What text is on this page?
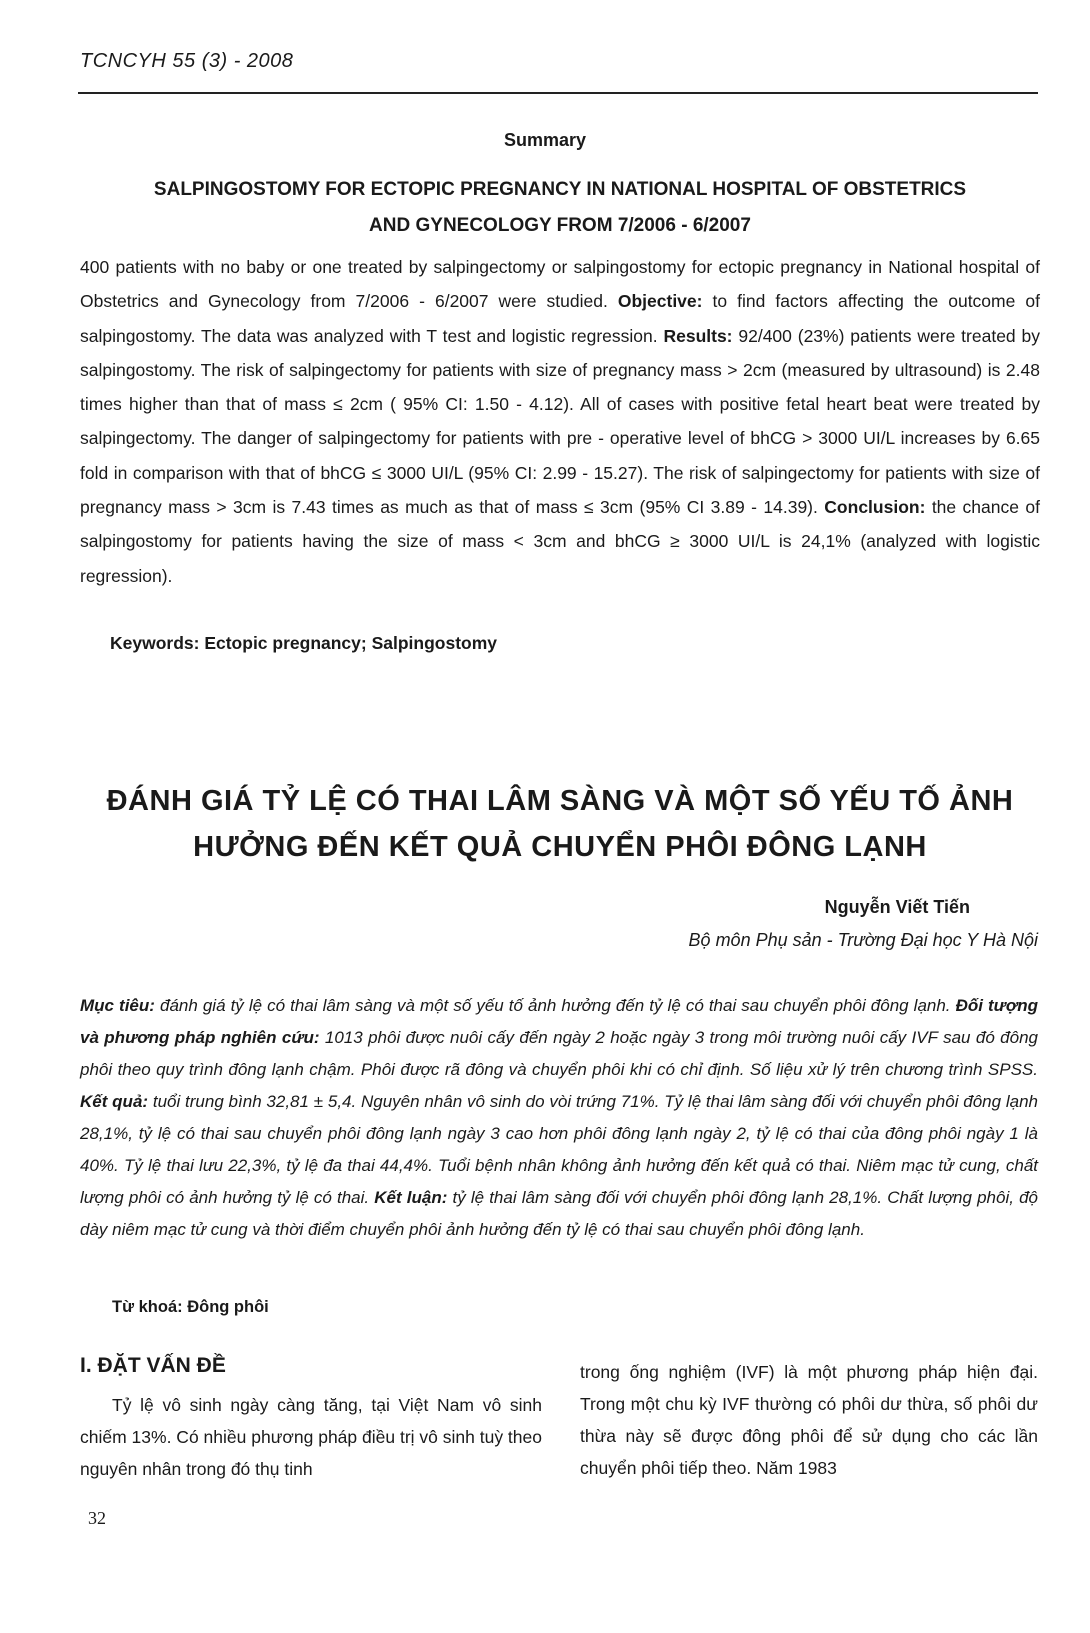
TCNCYH 55 (3) - 2008
Summary
SALPINGOSTOMY FOR ECTOPIC PREGNANCY IN NATIONAL HOSPITAL OF OBSTETRICS
AND GYNECOLOGY FROM 7/2006 - 6/2007
400 patients with no baby or one treated by salpingectomy or salpingostomy for ectopic pregnancy in National hospital of Obstetrics and Gynecology from 7/2006 - 6/2007 were studied. Objective: to find factors affecting the outcome of salpingostomy. The data was analyzed with T test and logistic regression. Results: 92/400 (23%) patients were treated by salpingostomy. The risk of salpingectomy for patients with size of pregnancy mass > 2cm (measured by ultrasound) is 2.48 times higher than that of mass ≤ 2cm ( 95% CI: 1.50 - 4.12). All of cases with positive fetal heart beat were treated by salpingectomy. The danger of salpingectomy for patients with pre - operative level of bhCG > 3000 UI/L increases by 6.65 fold in comparison with that of bhCG ≤ 3000 UI/L (95% CI: 2.99 - 15.27). The risk of salpingectomy for patients with size of pregnancy mass > 3cm is 7.43 times as much as that of mass ≤ 3cm (95% CI 3.89 - 14.39). Conclusion: the chance of salpingostomy for patients having the size of mass < 3cm and bhCG ≥ 3000 UI/L is 24,1% (analyzed with logistic regression).
Keywords: Ectopic pregnancy; Salpingostomy
ĐÁNH GIÁ TỶ LỆ CÓ THAI LÂM SÀNG VÀ MỘT SỐ YẾU TỐ ẢNH
HƯỞNG ĐẾN KẾT QUẢ CHUYỂN PHÔI ĐÔNG LẠNH
Nguyễn Viết Tiến
Bộ môn Phụ sản - Trường Đại học Y Hà Nội
Mục tiêu: đánh giá tỷ lệ có thai lâm sàng và một số yếu tố ảnh hưởng đến tỷ lệ có thai sau chuyển phôi đông lạnh. Đối tượng và phương pháp nghiên cứu: 1013 phôi được nuôi cấy đến ngày 2 hoặc ngày 3 trong môi trường nuôi cấy IVF sau đó đông phôi theo quy trình đông lạnh chậm. Phôi được rã đông và chuyển phôi khi có chỉ định. Số liệu xử lý trên chương trình SPSS. Kết quả: tuổi trung bình 32,81 ± 5,4. Nguyên nhân vô sinh do vòi trứng 71%. Tỷ lệ thai lâm sàng đối với chuyển phôi đông lạnh 28,1%, tỷ lệ có thai sau chuyển phôi đông lạnh ngày 3 cao hơn phôi đông lạnh ngày 2, tỷ lệ có thai của đông phôi ngày 1 là 40%. Tỷ lệ thai lưu 22,3%, tỷ lệ đa thai 44,4%. Tuổi bệnh nhân không ảnh hưởng đến kết quả có thai. Niêm mạc tử cung, chất lượng phôi có ảnh hưởng tỷ lệ có thai. Kết luận: tỷ lệ thai lâm sàng đối với chuyển phôi đông lạnh 28,1%. Chất lượng phôi, độ dày niêm mạc tử cung và thời điểm chuyển phôi ảnh hưởng đến tỷ lệ có thai sau chuyển phôi đông lạnh.
Từ khoá: Đông phôi
I. ĐẶT VẤN ĐỀ

Tỷ lệ vô sinh ngày càng tăng, tại Việt Nam vô sinh chiếm 13%. Có nhiều phương pháp điều trị vô sinh tuỳ theo nguyên nhân trong đó thụ tinh

trong ống nghiệm (IVF) là một phương pháp hiện đại. Trong một chu kỳ IVF thường có phôi dư thừa, số phôi dư thừa này sẽ được đông phôi để sử dụng cho các lần chuyển phôi tiếp theo. Năm 1983

32
